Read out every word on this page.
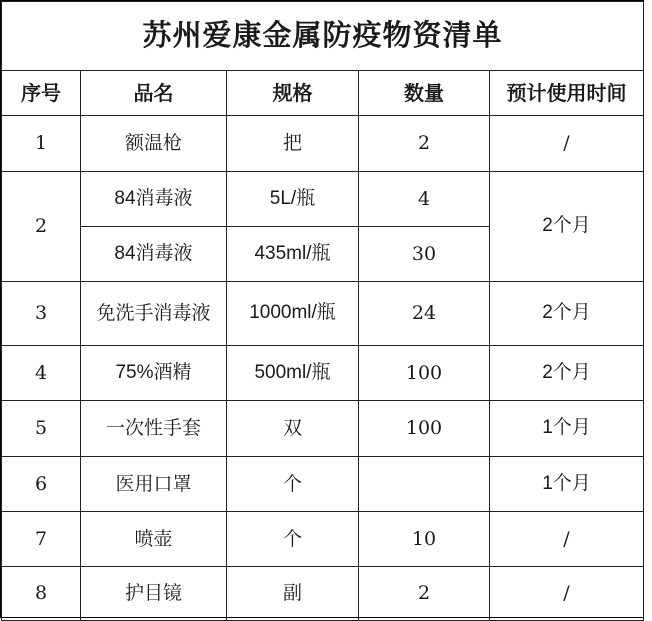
苏州爱康金属防疫物资清单				
序号	品名	规格	数量	预计使用时间
1	额温枪	把	2	/
2	84消毒液	5L/瓶	4	2个月
	84消毒液	435ml/瓶	30	
3	免洗手消毒液	1000ml/瓶	24	2个月
4	75%酒精	500ml/瓶	100	2个月
5	一次性手套	双	100	1个月
6	医用口罩	个		1个月
7	喷壶	个	10	/
8	护目镜	副	2	/
